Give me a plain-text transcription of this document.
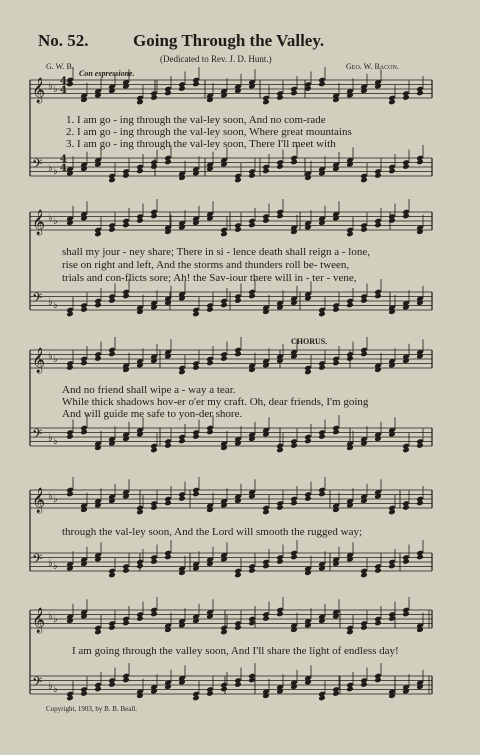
𝄞 ♭ ♭
𝄢 ♭ ♭
𝄞 ♭ ♭
𝄢 ♭ ♭
𝄞 ♭ ♭
𝄢 ♭ ♭
𝄞 ♭ ♭
𝄢 ♭ ♭
𝄞 ♭ ♭
𝄢 ♭ ♭
4
4
4
4
No. 52.	Going Through the Valley.
(Dedicated to Rev. J. D. Hunt.)
G. W. B.	Geo. W. Bacon.
Con espressione.
1. I am go - ing through the val-ley soon, And no com-rade
2. I am go - ing through the val-ley soon, Where great mountains
3. I am go - ing through the val-ley soon, There I'll meet with
shall my jour - ney share; There in si - lence death shall reign a - lone,
rise on right and left, And the storms and thunders roll be- tween,
trials and con-flicts sore; Ah! the Sav-iour there will in - ter - vene,
CHORUS.
And no friend shall wipe a - way a tear.
While thick shadows hov-er o'er my craft. Oh, dear friends, I'm going
And will guide me safe to yon-der shore.
through the val-ley soon, And the Lord will smooth the rugged way;
I am going through the valley soon, And I'll share the light of endless day!
Copyright, 1903, by B. B. Beall.
